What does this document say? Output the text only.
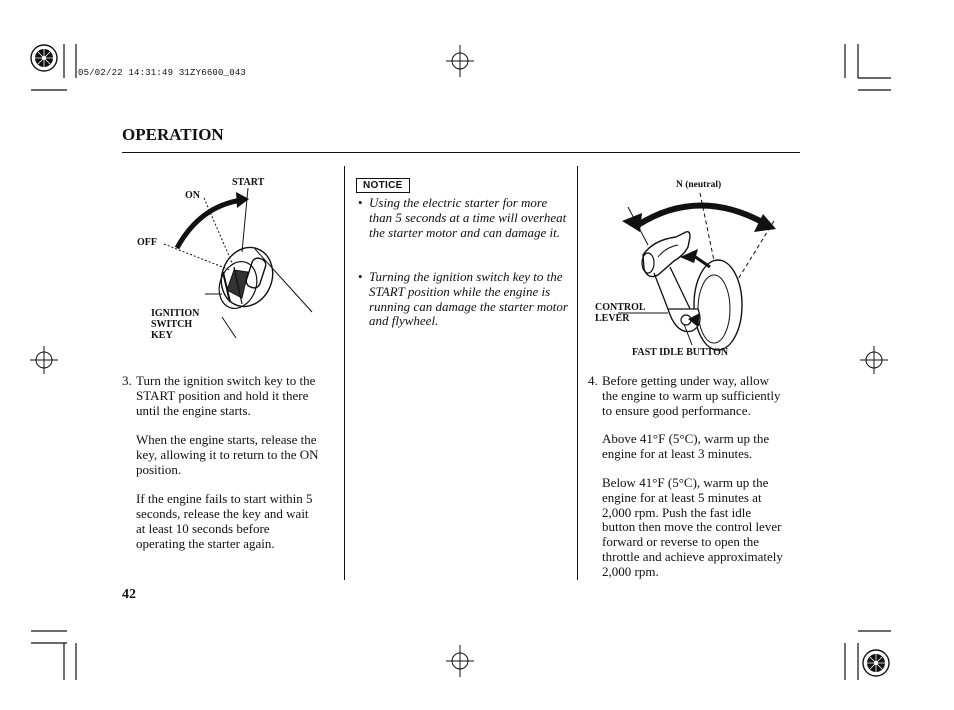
05/02/22 14:31:49 31ZY6600_043
OPERATION
START
ON
OFF
IGNITION
SWITCH
KEY
NOTICE
• Using the electric starter for more than 5 seconds at a time will overheat the starter motor and can damage it.
• Turning the ignition switch key to the START position while the engine is running can damage the starter motor and flywheel.
N (neutral)
CONTROL
LEVER
FAST IDLE BUTTON
3. Turn the ignition switch key to the
START position and hold it there
until the engine starts.
When the engine starts, release the
key, allowing it to return to the ON
position.
If the engine fails to start within 5
seconds, release the key and wait
at least 10 seconds before
operating the starter again.
4. Before getting under way, allow
the engine to warm up sufficiently
to ensure good performance.
Above 41°F (5°C), warm up the
engine for at least 3 minutes.
Below 41°F (5°C), warm up the
engine for at least 5 minutes at
2,000 rpm. Push the fast idle
button then move the control lever
forward or reverse to open the
throttle and achieve approximately
2,000 rpm.
42
